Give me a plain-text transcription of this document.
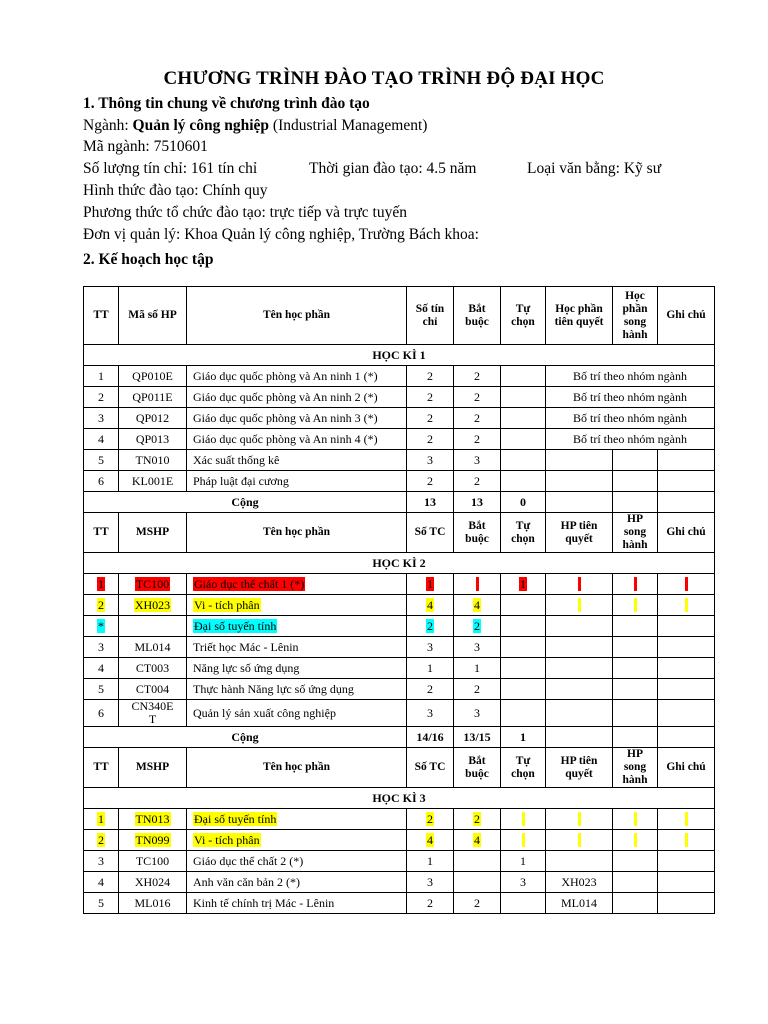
CHƯƠNG TRÌNH ĐÀO TẠO TRÌNH ĐỘ ĐẠI HỌC
1. Thông tin chung về chương trình đào tạo
Ngành: Quản lý công nghiệp (Industrial Management)
Mã ngành: 7510601
Số lượng tín chỉ: 161 tín chỉ	Thời gian đào tạo: 4.5 năm	Loại văn bằng: Kỹ sư
Hình thức đào tạo: Chính quy
Phương thức tổ chức đào tạo: trực tiếp và trực tuyến
Đơn vị quản lý: Khoa Quản lý công nghiệp, Trường Bách khoa:
2. Kế hoạch học tập
TT	Mã số HP	Tên học phần	Số tín chỉ	Bắt buộc	Tự chọn	Học phần tiên quyết	Học phần song hành	Ghi chú
HỌC KÌ 1								
1	QP010E	Giáo dục quốc phòng và An ninh 1 (*)	2	2		Bố trí theo nhóm ngành		
2	QP011E	Giáo dục quốc phòng và An ninh 2 (*)	2	2		Bố trí theo nhóm ngành		
3	QP012	Giáo dục quốc phòng và An ninh 3 (*)	2	2		Bố trí theo nhóm ngành		
4	QP013	Giáo dục quốc phòng và An ninh 4 (*)	2	2		Bố trí theo nhóm ngành		
5	TN010	Xác suất thống kê	3	3				
6	KL001E	Pháp luật đại cương	2	2				
Cộng			13	13	0			
TT	MSHP	Tên học phần	Số TC	Bắt buộc	Tự chọn	HP tiên quyết	HP song hành	Ghi chú
HỌC KÌ 2								
1	TC100	Giáo dục thể chất 1 (*)	1		1			
2	XH023	Vi - tích phân	4	4				
*		Đại số tuyến tính	2	2				
3	ML014	Triết học Mác - Lênin	3	3				
4	CT003	Năng lực số ứng dụng	1	1				
5	CT004	Thực hành Năng lực số ứng dụng	2	2				
6	CN340ET	Quản lý sản xuất công nghiệp	3	3				
Cộng			14/16	13/15	1			
TT	MSHP	Tên học phần	Số TC	Bắt buộc	Tự chọn	HP tiên quyết	HP song hành	Ghi chú
HỌC KÌ 3								
1	TN013	Đại số tuyến tính	2	2				
2	TN099	Vi - tích phân	4	4				
3	TC100	Giáo dục thể chất 2 (*)	1		1			
4	XH024	Anh văn căn bản 2 (*)	3		3	XH023		
5	ML016	Kinh tế chính trị Mác - Lênin	2	2		ML014		
